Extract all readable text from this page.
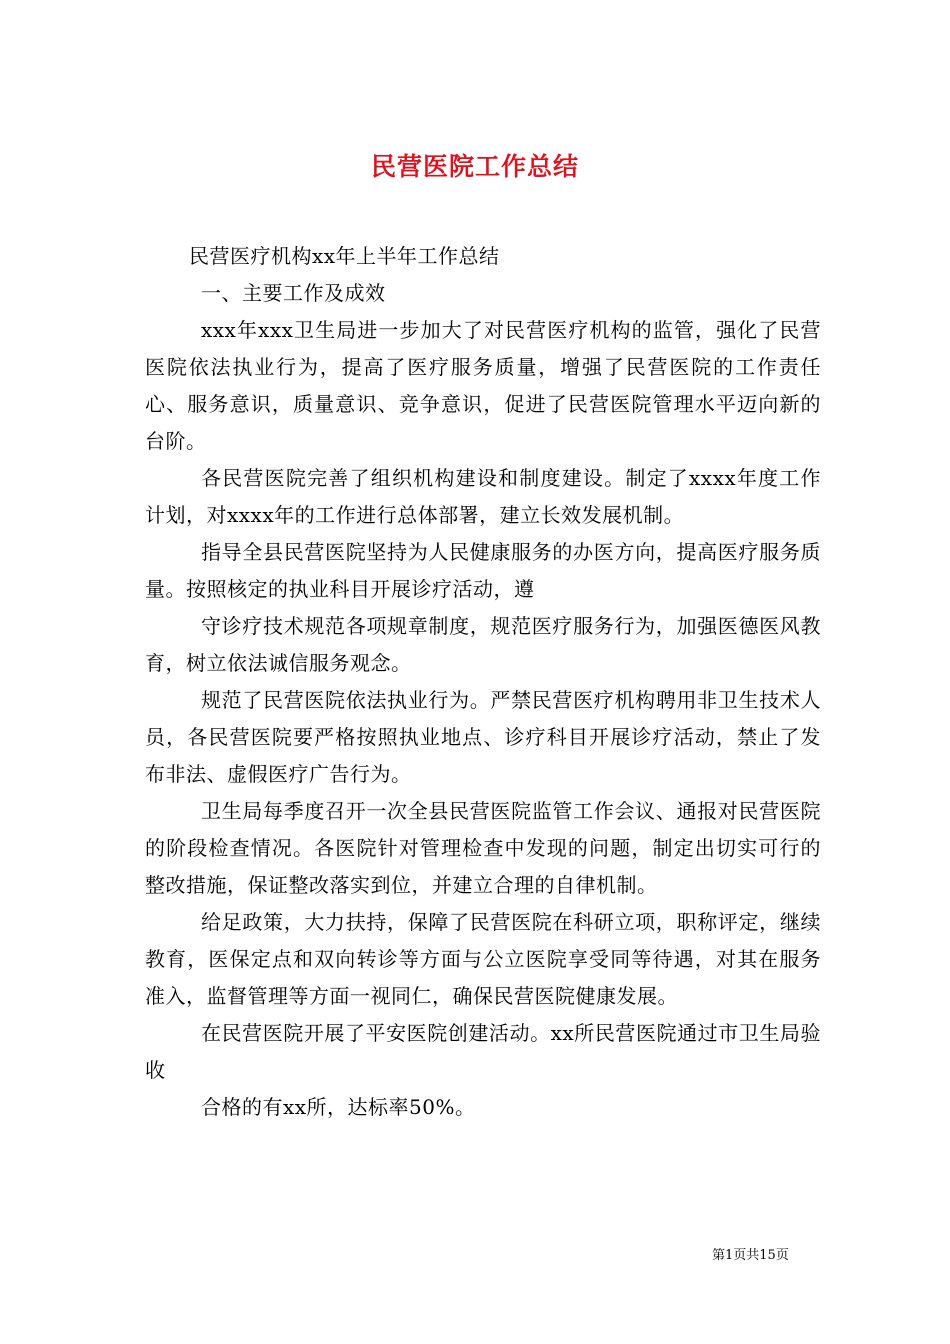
民营医院工作总结

民营医疗机构xx年上半年工作总结

一、主要工作及成效

xxx年xxx卫生局进一步加大了对民营医疗机构的监管，强化了民营医院依法执业行为，提高了医疗服务质量，增强了民营医院的工作责任心、服务意识，质量意识、竞争意识，促进了民营医院管理水平迈向新的台阶。

各民营医院完善了组织机构建设和制度建设。制定了xxxx年度工作计划，对xxxx年的工作进行总体部署，建立长效发展机制。

指导全县民营医院坚持为人民健康服务的办医方向，提高医疗服务质量。按照核定的执业科目开展诊疗活动，遵

守诊疗技术规范各项规章制度，规范医疗服务行为，加强医德医风教育，树立依法诚信服务观念。

规范了民营医院依法执业行为。严禁民营医疗机构聘用非卫生技术人员，各民营医院要严格按照执业地点、诊疗科目开展诊疗活动，禁止了发布非法、虚假医疗广告行为。

卫生局每季度召开一次全县民营医院监管工作会议、通报对民营医院的阶段检查情况。各医院针对管理检查中发现的问题，制定出切实可行的整改措施，保证整改落实到位，并建立合理的自律机制。

给足政策，大力扶持，保障了民营医院在科研立项，职称评定，继续教育，医保定点和双向转诊等方面与公立医院享受同等待遇，对其在服务准入，监督管理等方面一视同仁，确保民营医院健康发展。

在民营医院开展了平安医院创建活动。xx所民营医院通过市卫生局验收

合格的有xx所，达标率50%。

第1页共15页
